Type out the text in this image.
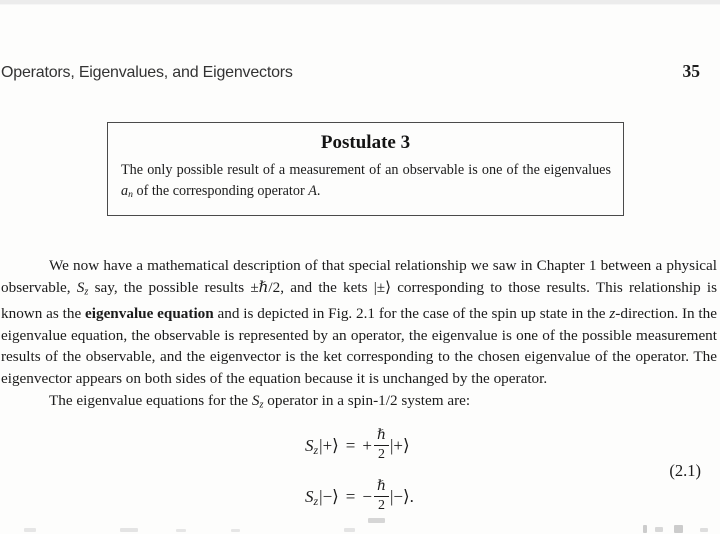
Operators, Eigenvalues, and Eigenvectors	35
Postulate 3
The only possible result of a measurement of an observable is one of the eigenvalues an of the corresponding operator A.

We now have a mathematical description of that special relationship we saw in Chapter 1 between a physical observable, Sz say, the possible results ±ℏ/2, and the kets |±⟩ corresponding to those results. This relationship is known as the eigenvalue equation and is depicted in Fig. 2.1 for the case of the spin up state in the z-direction. In the eigenvalue equation, the observable is represented by an operator, the eigenvalue is one of the possible measurement results of the observable, and the eigenvector is the ket corresponding to the chosen eigenvalue of the operator. The eigenvector appears on both sides of the equation because it is unchanged by the operator.

The eigenvalue equations for the Sz operator in a spin-1/2 system are:

S z |+⟩ = + $\frac{\text{ℏ}}{2}$ |+⟩
S z |−⟩ = − $\frac{\text{ℏ}}{2}$ |−⟩ .
(2.1)
